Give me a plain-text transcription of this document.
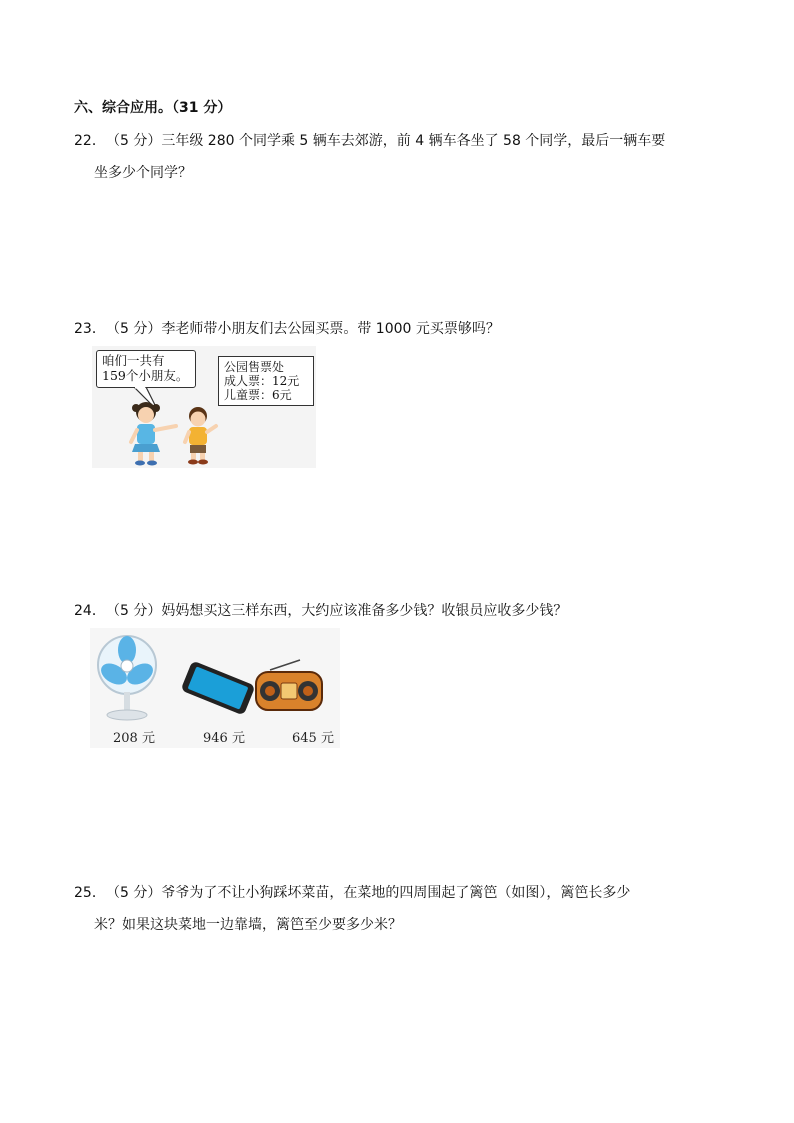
六、综合应用。（31 分）
22． （5 分）三年级 280 个同学乘 5 辆车去郊游，前 4 辆车各坐了 58 个同学，最后一辆车要
坐多少个同学？
23． （5 分）李老师带小朋友们去公园买票。带 1000 元买票够吗？
咱们一共有
159个小朋友。
公园售票处
成人票：12元
儿童票：6元
24． （5 分）妈妈想买这三样东西，大约应该准备多少钱？收银员应收多少钱？
208 元	946 元	645 元
25． （5 分）爷爷为了不让小狗踩坏菜苗，在菜地的四周围起了篱笆（如图），篱笆长多少
米？如果这块菜地一边靠墙，篱笆至少要多少米？
